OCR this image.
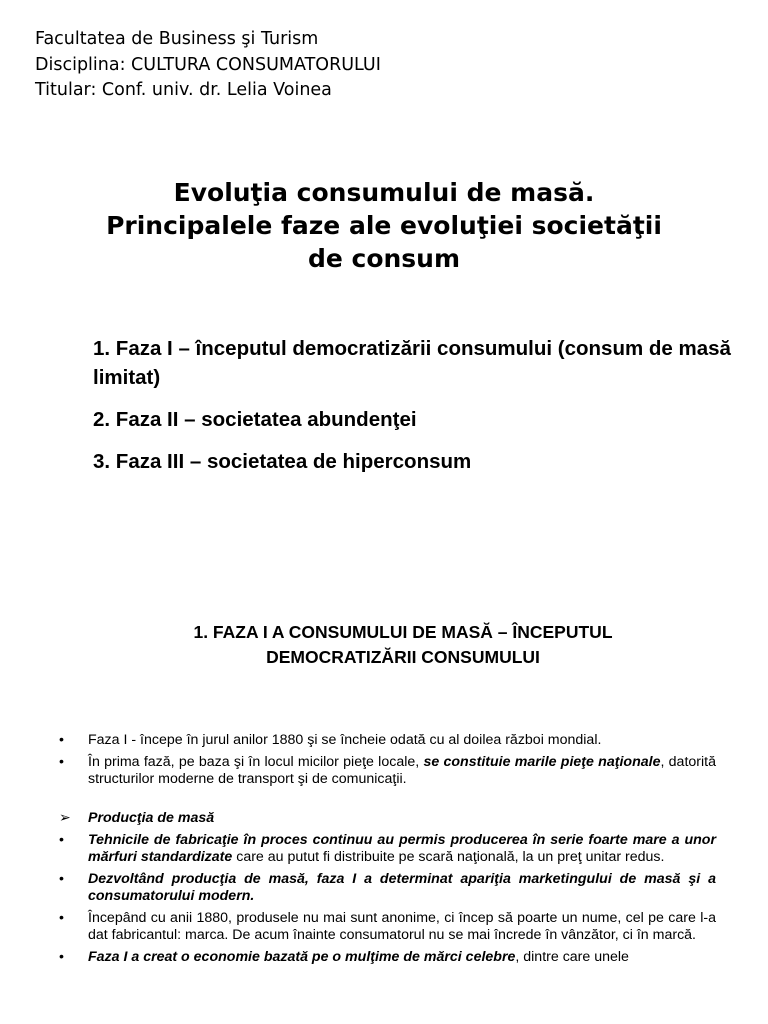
Facultatea de Business şi Turism
Disciplina: CULTURA CONSUMATORULUI
Titular: Conf. univ. dr. Lelia Voinea
Evoluţia consumului de masă.
Principalele faze ale evoluţiei societăţii
de consum
1. Faza I – începutul democratizării consumului (consum de masă limitat)
2. Faza II – societatea abundenţei
3. Faza III – societatea de hiperconsum
1. FAZA I A CONSUMULUI DE MASĂ – ÎNCEPUTUL
DEMOCRATIZĂRII CONSUMULUI
•	Faza I - începe în jurul anilor 1880 şi se încheie odată cu al doilea război mondial.
•	În prima fază, pe baza şi în locul micilor pieţe locale, se constituie marile pieţe naţionale, datorită structurilor moderne de transport şi de comunicaţii.
➢	Producţia de masă
•	Tehnicile de fabricaţie în proces continuu au permis producerea în serie foarte mare a unor mărfuri standardizate care au putut fi distribuite pe scară naţională, la un preţ unitar redus.
•	Dezvoltând producţia de masă, faza I a determinat apariţia marketingului de masă şi a consumatorului modern.
•	Începând cu anii 1880, produsele nu mai sunt anonime, ci încep să poarte un nume, cel pe care l-a dat fabricantul: marca. De acum înainte consumatorul nu se mai încrede în vânzător, ci în marcă.
•	Faza I a creat o economie bazată pe o mulţime de mărci celebre, dintre care unele
